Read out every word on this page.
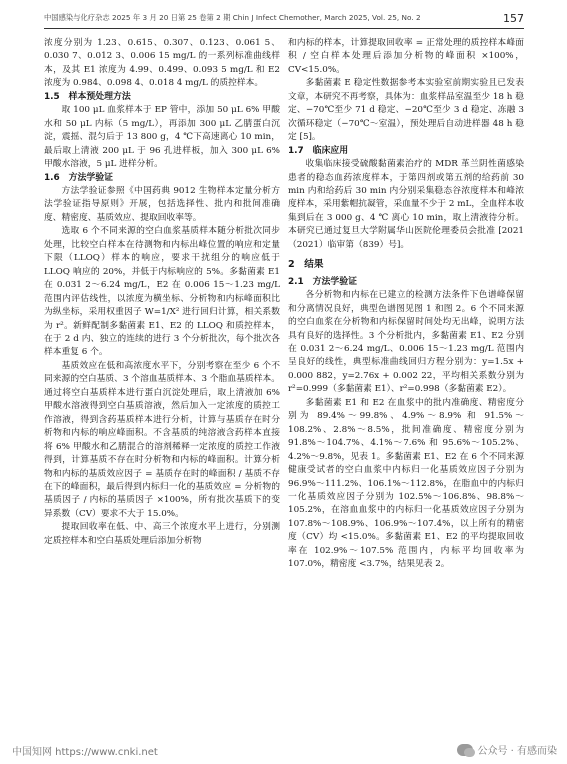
中国感染与化疗杂志 2025 年 3 月 20 日第 25 卷第 2 期 Chin J Infect Chemother, March 2025, Vol. 25, No. 2	157

浓度分别为 1.23、0.615、0.307、0.123、0.061 5、0.030 7、0.012 3、0.006 15 mg/L 的一系列标准曲线样本，及其 E1 浓度为 4.99、0.499、0.093 5 mg/L 和 E2 浓度为 0.984、0.098 4、0.018 4 mg/L 的质控样本。

1.5　样本预处理方法

取 100 μL 血浆样本于 EP 管中，添加 50 μL 6% 甲酸水和 50 μL 内标（5 mg/L），再添加 300 μL 乙腈蛋白沉淀，震摇、混匀后于 13 800 g，4 ℃下高速离心 10 min，最后取上清液 200 μL 于 96 孔进样板，加入 300 μL 6% 甲酸水溶液，5 μL 进样分析。

1.6　方法学验证

方法学验证参照《中国药典 9012 生物样本定量分析方法学验证指导原则》开展，包括选择性、批内和批间准确度、精密度、基质效应、提取回收率等。

选取 6 个不同来源的空白血浆基质样本随分析批次同步处理，比较空白样本在待测物和内标出峰位置的响应和定量下限（LLOQ）样本的响应，要求干扰组分的响应低于 LLOQ 响应的 20%，并低于内标响应的 5%。多黏菌素 E1 在 0.031 2～6.24 mg/L，E2 在 0.006 15～1.23 mg/L 范围内评估线性，以浓度为横坐标、分析物和内标峰面积比为纵坐标，采用权重因子 W=1/X² 进行回归计算，相关系数为 r²。新鲜配制多黏菌素 E1、E2 的 LLOQ 和质控样本，在于 2 d 内、独立的连续的进行 3 个分析批次，每个批次各样本重复 6 个。

基质效应在低和高浓度水平下，分别考察在至少 6 个不同来源的空白基质、3 个溶血基质样本、3 个脂血基质样本。通过将空白基质样本进行蛋白沉淀处理后，取上清液加 6% 甲酸水溶液得到空白基质溶液，然后加入一定浓度的质控工作溶液，得到含药基质样本进行分析，计算与基质存在时分析物和内标的响应峰面积。不含基质的纯溶液含药样本直接将 6% 甲酸水和乙腈混合的溶剂稀释一定浓度的质控工作液得到，计算基质不存在时分析物和内标的峰面积。计算分析物和内标的基质效应因子 = 基质存在时的峰面积 / 基质不存在下的峰面积，最后得到内标归一化的基质效应 = 分析物的基质因子 / 内标的基质因子 ×100%，所有批次基质下的变异系数（CV）要求不大于 15.0%。

提取回收率在低、中、高三个浓度水平上进行，分别测定质控样本和空白基质处理后添加分析物

和内标的样本，计算提取回收率 = 正常处理的质控样本峰面积 / 空白样本处理后添加分析物的峰面积 ×100%，CV<15.0%。

多黏菌素 E 稳定性数据参考本实验室前期实验且已发表文章，本研究不再考察，具体为：血浆样品室温至少 18 h 稳定、−70℃至少 71 d 稳定、−20℃至少 3 d 稳定、冻融 3 次循环稳定（−70℃～室温），预处理后自动进样器 48 h 稳定 [5]。

1.7　临床应用

收集临床接受硫酸黏菌素治疗的 MDR 革兰阴性菌感染患者的稳态血药浓度样本，于第四剂或第五剂的给药前 30 min 内和给药后 30 min 内分别采集稳态谷浓度样本和峰浓度样本，采用紫帽抗凝管，采血量不少于 2 mL，全血样本收集到后在 3 000 g、4 ℃ 离心 10 min，取上清液待分析。本研究已通过复旦大学附属华山医院伦理委员会批准 [2021（2021）临审第（839）号]。

2　结果
2.1　方法学验证

各分析物和内标在已建立的检测方法条件下色谱峰保留和分离情况良好，典型色谱图见图 1 和图 2。6 个不同来源的空白血浆在分析物和内标保留时间处均无出峰，说明方法具有良好的选择性。3 个分析批内，多黏菌素 E1、E2 分别在 0.031 2～6.24 mg/L、0.006 15～1.23 mg/L 范围内呈良好的线性，典型标准曲线回归方程分别为：y=1.5x + 0.000 882，y=2.76x + 0.002 22，平均相关系数分别为 r²=0.999（多黏菌素 E1）、r²=0.998（多黏菌素 E2）。

多黏菌素 E1 和 E2 在血浆中的批内准确度、精密度分别为 89.4%～99.8%、4.9%～8.9% 和 91.5%～108.2%、2.8%～8.5%，批间准确度、精密度分别为 91.8%～104.7%、4.1%～7.6% 和 95.6%～105.2%、4.2%～9.8%，见表 1。多黏菌素 E1、E2 在 6 个不同来源健康受试者的空白血浆中内标归一化基质效应因子分别为 96.9%～111.2%、106.1%～112.8%，在脂血中的内标归一化基质效应因子分别为 102.5%～106.8%、98.8%～105.2%，在溶血血浆中的内标归一化基质效应因子分别为 107.8%～108.9%、106.9%～107.4%，以上所有的精密度（CV）均 <15.0%。多黏菌素 E1、E2 的平均提取回收率在 102.9%～107.5% 范围内，内标平均回收率为 107.0%，精密度 <3.7%，结果见表 2。

中国知网 https://www.cnki.net	公众号 · 有感而染
